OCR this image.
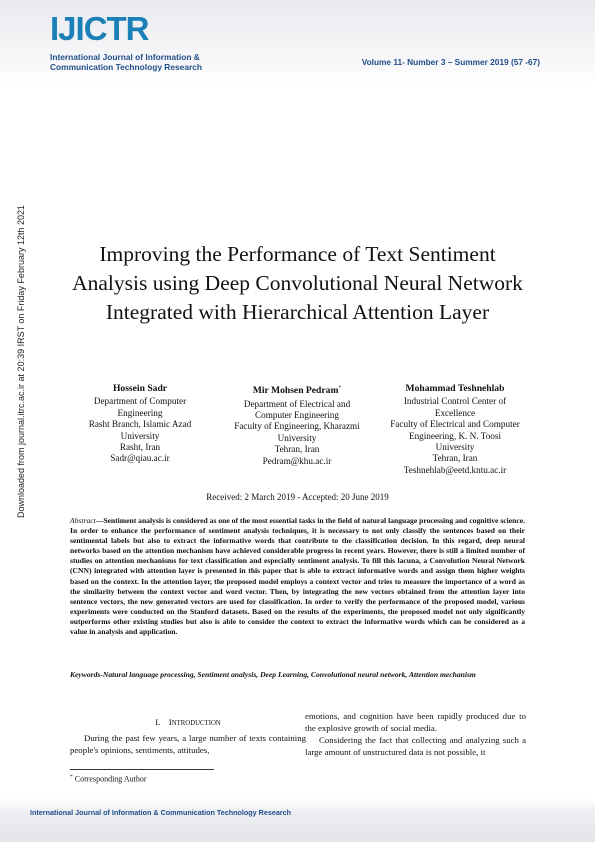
IJICTR
International Journal of Information &
Communication Technology Research	Volume 11- Number 3 – Summer 2019 (57 -67)
Downloaded from journal.itrc.ac.ir at 20:39 IRST on Friday February 12th 2021	Improving the Performance of Text Sentiment Analysis using Deep Convolutional Neural Network Integrated with Hierarchical Attention Layer
Hossein Sadr
Department of Computer
Engineering
Rasht Branch, Islamic Azad
University
Rasht, Iran
Sadr@qiau.ac.ir
Mir Mohsen Pedram*
Department of Electrical and
Computer Engineering
Faculty of Engineering, Kharazmi
University
Tehran, Iran
Pedram@khu.ac.ir
Mohammad Teshnehlab
Industrial Control Center of
Excellence
Faculty of Electrical and Computer
Engineering, K. N. Toosi
University
Tehran, Iran
Teshnehlab@eetd.kntu.ac.ir
Received: 2 March 2019 - Accepted: 20 June 2019
Abstract—Sentiment analysis is considered as one of the most essential tasks in the field of natural language processing and cognitive science. In order to enhance the performance of sentiment analysis techniques, it is necessary to not only classify the sentences based on their sentimental labels but also to extract the informative words that contribute to the classification decision. In this regard, deep neural networks based on the attention mechanism have achieved considerable progress in recent years. However, there is still a limited number of studies on attention mechanisms for text classification and especially sentiment analysis. To fill this lacuna, a Convolution Neural Network (CNN) integrated with attention layer is presented in this paper that is able to extract informative words and assign them higher weights based on the context. In the attention layer, the proposed model employs a context vector and tries to measure the importance of a word as the similarity between the context vector and word vector. Then, by integrating the new vectors obtained from the attention layer into sentence vectors, the new generated vectors are used for classification. In order to verify the performance of the proposed model, various experiments were conducted on the Stanford datasets. Based on the results of the experiments, the proposed model not only significantly outperforms other existing studies but also is able to consider the context to extract the informative words which can be considered as a value in analysis and application.
Keywords-Natural language processing, Sentiment analysis, Deep Learning, Convolutional neural network, Attention mechanism
I. INTRODUCTION
During the past few years, a large number of texts containing people's opinions, sentiments, attitudes,
emotions, and cognition have been rapidly produced due to the explosive growth of social media.
Considering the fact that collecting and analyzing such a large amount of unstructured data is not possible, it
* Corresponding Author
International Journal of Information & Communication Technology Research
